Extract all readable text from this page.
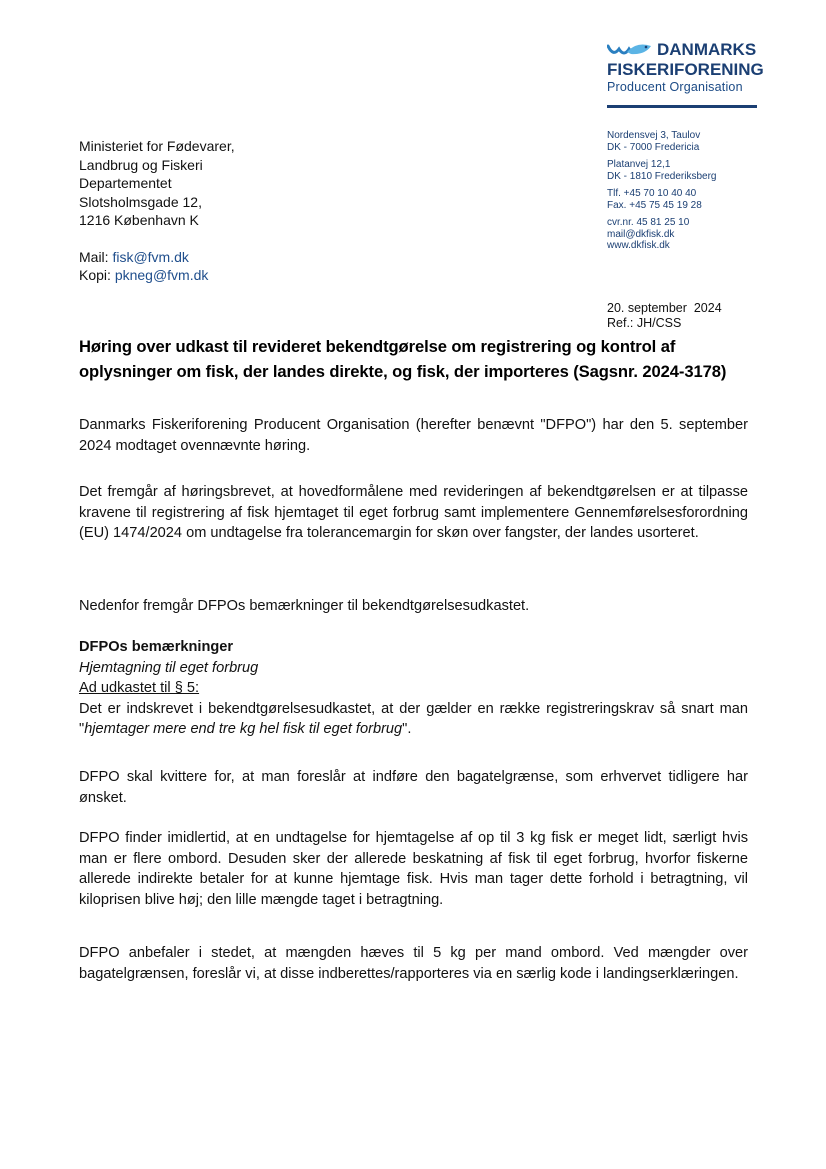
DANMARKS
FISKERIFORENING
Producent Organisation
Nordensvej 3, Taulov
DK - 7000 Fredericia
Platanvej 12,1
DK - 1810 Frederiksberg
Tlf. +45 70 10 40 40
Fax. +45 75 45 19 28
cvr.nr. 45 81 25 10
mail@dkfisk.dk
www.dkfisk.dk
Ministeriet for Fødevarer,
Landbrug og Fiskeri
Departementet
Slotsholmsgade 12,
1216 København K
Mail: fisk@fvm.dk
Kopi: pkneg@fvm.dk
20. september  2024
Ref.: JH/CSS
Høring over udkast til revideret bekendtgørelse om registrering og kontrol af oplysninger om fisk, der landes direkte, og fisk, der importeres (Sagsnr. 2024-3178)
Danmarks Fiskeriforening Producent Organisation (herefter benævnt "DFPO") har den 5. september 2024 modtaget ovennævnte høring.
Det fremgår af høringsbrevet, at hovedformålene med revideringen af bekendtgørelsen er at tilpasse kravene til registrering af fisk hjemtaget til eget forbrug samt implementere Gennemførelsesforordning (EU) 1474/2024 om undtagelse fra tolerancemargin for skøn over fangster, der landes usorteret.
Nedenfor fremgår DFPOs bemærkninger til bekendtgørelsesudkastet.
DFPOs bemærkninger
Hjemtagning til eget forbrug
Ad udkastet til § 5:
Det er indskrevet i bekendtgørelsesudkastet, at der gælder en række registreringskrav så snart man "hjemtager mere end tre kg hel fisk til eget forbrug".
DFPO skal kvittere for, at man foreslår at indføre den bagatelgrænse, som erhvervet tidligere har ønsket.
DFPO finder imidlertid, at en undtagelse for hjemtagelse af op til 3 kg fisk er meget lidt, særligt hvis man er flere ombord. Desuden sker der allerede beskatning af fisk til eget forbrug, hvorfor fiskerne allerede indirekte betaler for at kunne hjemtage fisk. Hvis man tager dette forhold i betragtning, vil kiloprisen blive høj; den lille mængde taget i betragtning.
DFPO anbefaler i stedet, at mængden hæves til 5 kg per mand ombord. Ved mængder over bagatelgrænsen, foreslår vi, at disse indberettes/rapporteres via en særlig kode i landingserklæringen.
